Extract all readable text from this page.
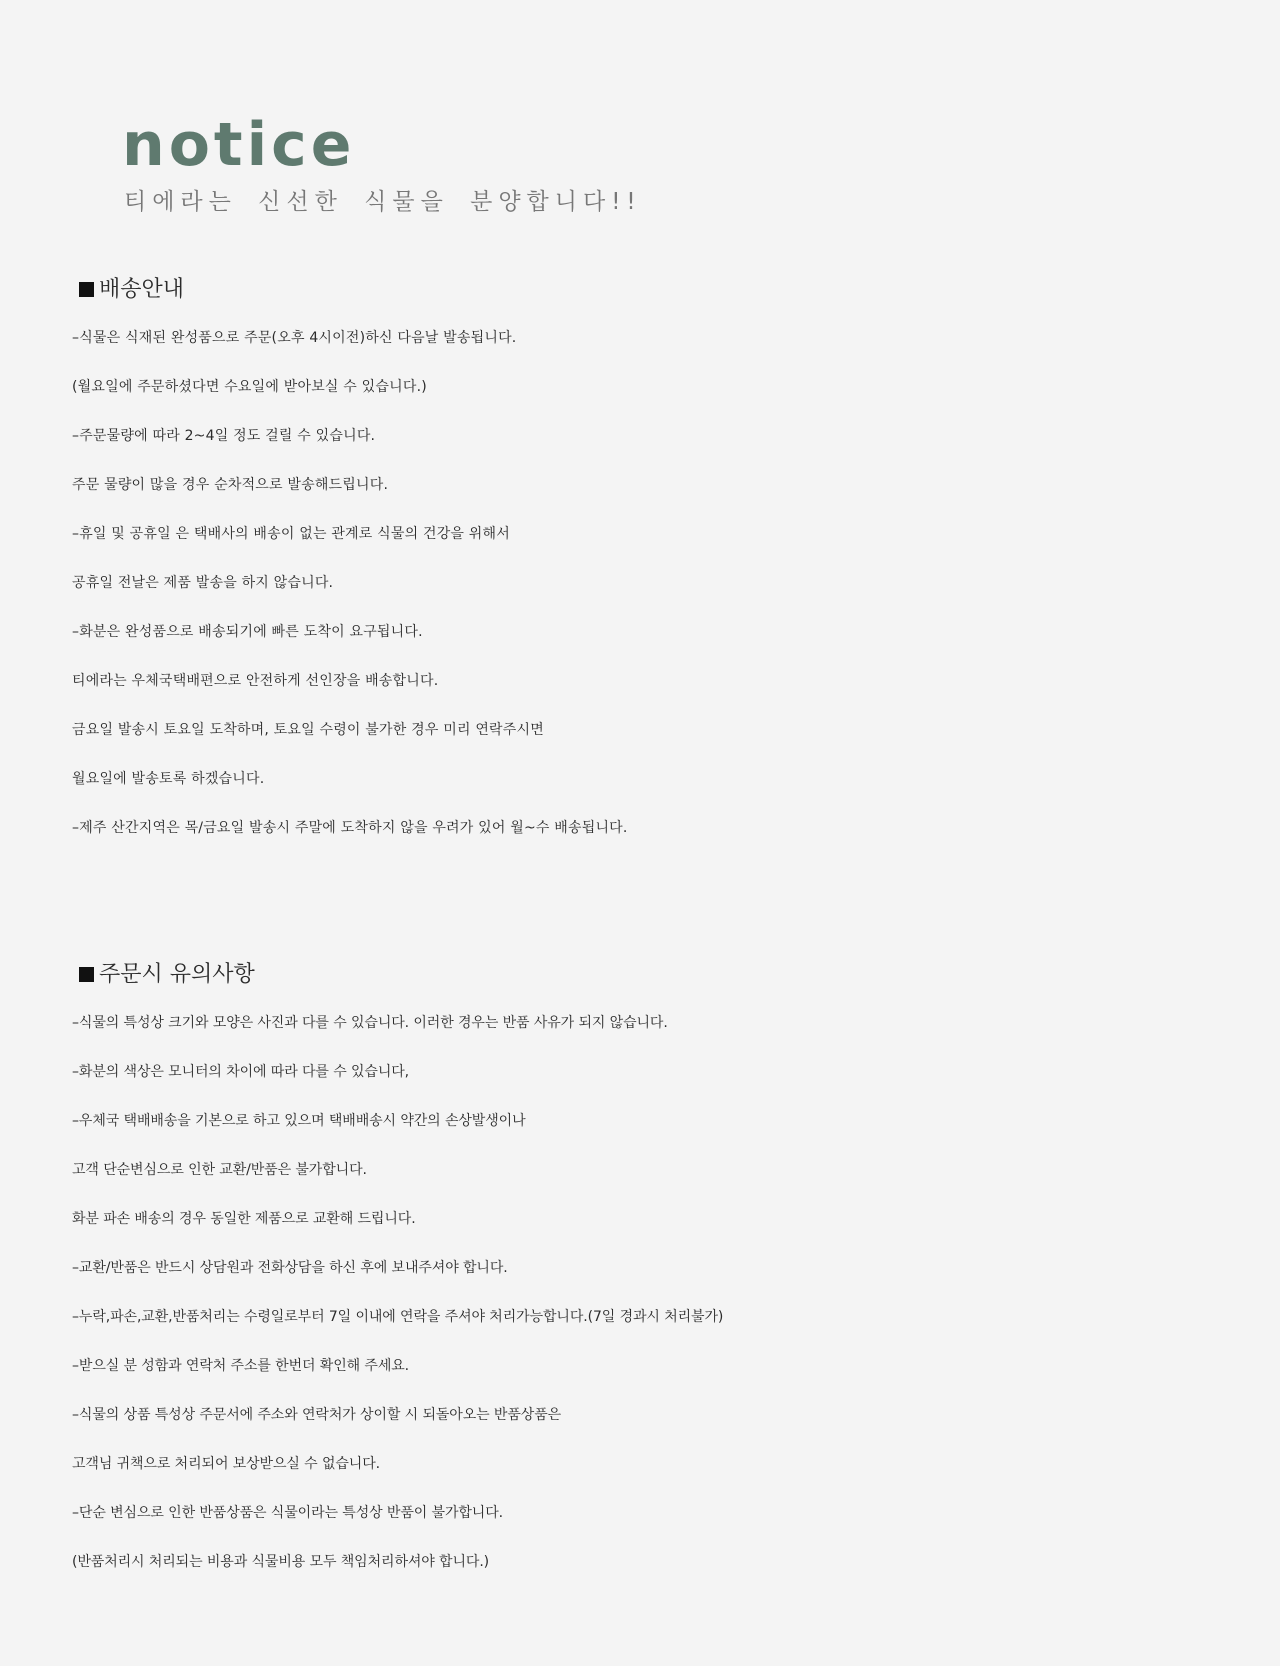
notice

티에라는 신선한 식물을 분양합니다!!

배송안내
–식물은 식재된 완성품으로 주문(오후 4시이전)하신 다음날 발송됩니다.
(월요일에 주문하셨다면 수요일에 받아보실 수 있습니다.)
–주문물량에 따라 2~4일 정도 걸릴 수 있습니다.
주문 물량이 많을 경우 순차적으로 발송해드립니다.
–휴일 및 공휴일 은 택배사의 배송이 없는 관계로 식물의 건강을 위해서
공휴일 전날은 제품 발송을 하지 않습니다.
–화분은 완성품으로 배송되기에 빠른 도착이 요구됩니다.
티에라는 우체국택배편으로 안전하게 선인장을 배송합니다.
금요일 발송시 토요일 도착하며, 토요일 수령이 불가한 경우 미리 연락주시면
월요일에 발송토록 하겠습니다.
–제주 산간지역은 목/금요일 발송시 주말에 도착하지 않을 우려가 있어 월~수 배송됩니다.
주문시 유의사항
–식물의 특성상 크기와 모양은 사진과 다를 수 있습니다. 이러한 경우는 반품 사유가 되지 않습니다.
–화분의 색상은 모니터의 차이에 따라 다를 수 있습니다,
–우체국 택배배송을 기본으로 하고 있으며 택배배송시 약간의 손상발생이나
고객 단순변심으로 인한 교환/반품은 불가합니다.
화분 파손 배송의 경우 동일한 제품으로 교환해 드립니다.
–교환/반품은 반드시 상담원과 전화상담을 하신 후에 보내주셔야 합니다.
–누락,파손,교환,반품처리는 수령일로부터 7일 이내에 연락을 주셔야 처리가능합니다.(7일 경과시 처리불가)
–받으실 분 성함과 연락처 주소를 한번더 확인해 주세요.
–식물의 상품 특성상 주문서에 주소와 연락처가 상이할 시 되돌아오는 반품상품은
고객님 귀책으로 처리되어 보상받으실 수 없습니다.
–단순 변심으로 인한 반품상품은 식물이라는 특성상 반품이 불가합니다.
(반품처리시 처리되는 비용과 식물비용 모두 책임처리하셔야 합니다.)
